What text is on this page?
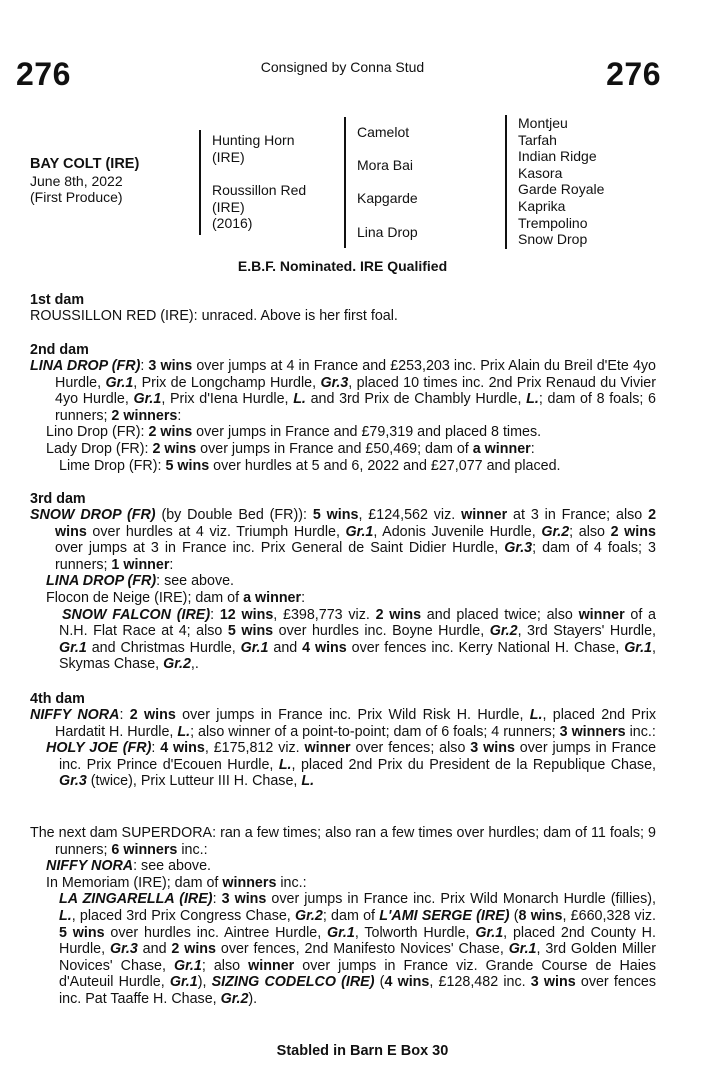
276	Consigned by Conna Stud	276
BAY COLT (IRE)
June 8th, 2022
(First Produce)
Hunting Horn
(IRE)
Roussillon Red
(IRE)
(2016)
Camelot
Mora Bai
Kapgarde
Lina Drop
Montjeu
Tarfah
Indian Ridge
Kasora
Garde Royale
Kaprika
Trempolino
Snow Drop
E.B.F. Nominated. IRE Qualified
1st dam

ROUSSILLON RED (IRE): unraced. Above is her first foal.

2nd dam

LINA DROP (FR): 3 wins over jumps at 4 in France and £253,203 inc. Prix Alain du Breil d'Ete 4yo Hurdle, Gr.1, Prix de Longchamp Hurdle, Gr.3, placed 10 times inc. 2nd Prix Renaud du Vivier 4yo Hurdle, Gr.1, Prix d'Iena Hurdle, L. and 3rd Prix de Chambly Hurdle, L.; dam of 8 foals; 6 runners; 2 winners:

Lino Drop (FR): 2 wins over jumps in France and £79,319 and placed 8 times.

Lady Drop (FR): 2 wins over jumps in France and £50,469; dam of a winner:

Lime Drop (FR): 5 wins over hurdles at 5 and 6, 2022 and £27,077 and placed.

3rd dam

SNOW DROP (FR) (by Double Bed (FR)): 5 wins, £124,562 viz. winner at 3 in France; also 2 wins over hurdles at 4 viz. Triumph Hurdle, Gr.1, Adonis Juvenile Hurdle, Gr.2; also 2 wins over jumps at 3 in France inc. Prix General de Saint Didier Hurdle, Gr.3; dam of 4 foals; 3 runners; 1 winner:

LINA DROP (FR): see above.

Flocon de Neige (IRE); dam of a winner:

SNOW FALCON (IRE): 12 wins, £398,773 viz. 2 wins and placed twice; also winner of a N.H. Flat Race at 4; also 5 wins over hurdles inc. Boyne Hurdle, Gr.2, 3rd Stayers' Hurdle, Gr.1 and Christmas Hurdle, Gr.1 and 4 wins over fences inc. Kerry National H. Chase, Gr.1, Skymas Chase, Gr.2,.

4th dam

NIFFY NORA: 2 wins over jumps in France inc. Prix Wild Risk H. Hurdle, L., placed 2nd Prix Hardatit H. Hurdle, L.; also winner of a point-to-point; dam of 6 foals; 4 runners; 3 winners inc.:

HOLY JOE (FR): 4 wins, £175,812 viz. winner over fences; also 3 wins over jumps in France inc. Prix Prince d'Ecouen Hurdle, L., placed 2nd Prix du President de la Republique Chase, Gr.3 (twice), Prix Lutteur III H. Chase, L.

The next dam SUPERDORA: ran a few times; also ran a few times over hurdles; dam of 11 foals; 9 runners; 6 winners inc.:

NIFFY NORA: see above.

In Memoriam (IRE); dam of winners inc.:

LA ZINGARELLA (IRE): 3 wins over jumps in France inc. Prix Wild Monarch Hurdle (fillies), L., placed 3rd Prix Congress Chase, Gr.2; dam of L'AMI SERGE (IRE) (8 wins, £660,328 viz. 5 wins over hurdles inc. Aintree Hurdle, Gr.1, Tolworth Hurdle, Gr.1, placed 2nd County H. Hurdle, Gr.3 and 2 wins over fences, 2nd Manifesto Novices' Chase, Gr.1, 3rd Golden Miller Novices' Chase, Gr.1; also winner over jumps in France viz. Grande Course de Haies d'Auteuil Hurdle, Gr.1), SIZING CODELCO (IRE) (4 wins, £128,482 inc. 3 wins over fences inc. Pat Taaffe H. Chase, Gr.2).

Stabled in Barn E Box 30
